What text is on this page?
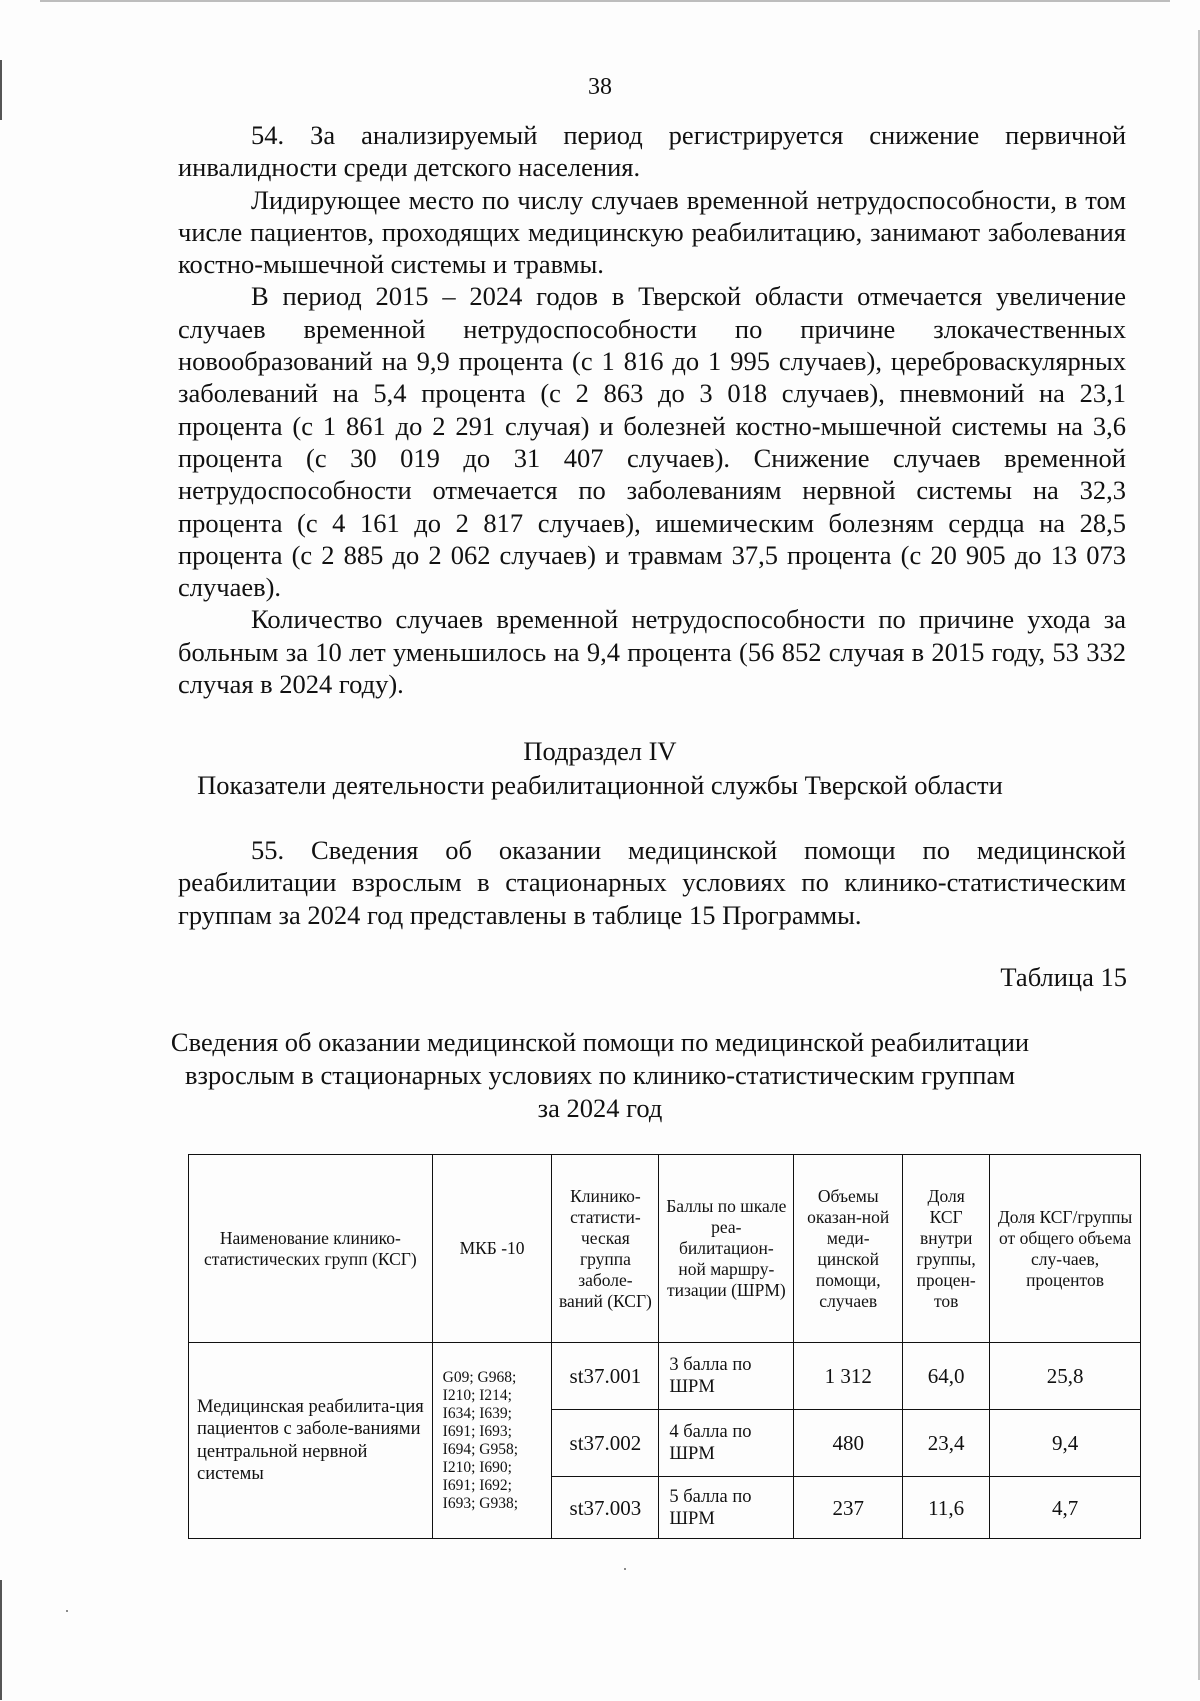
38

54. За анализируемый период регистрируется снижение первичной инвалидности среди детского населения.

Лидирующее место по числу случаев временной нетрудоспособности, в том числе пациентов, проходящих медицинскую реабилитацию, занимают заболевания костно-мышечной системы и травмы.

В период 2015 – 2024 годов в Тверской области отмечается увеличение случаев временной нетрудоспособности по причине злокачественных новообразований на 9,9 процента (с 1 816 до 1 995 случаев), цереброваскулярных заболеваний на 5,4 процента (с 2 863 до 3 018 случаев), пневмоний на 23,1 процента (с 1 861 до 2 291 случая) и болезней костно-мышечной системы на 3,6 процента (с 30 019 до 31 407 случаев). Снижение случаев временной нетрудоспособности отмечается по заболеваниям нервной системы на 32,3 процента (с 4 161 до 2 817 случаев), ишемическим болезням сердца на 28,5 процента (с 2 885 до 2 062 случаев) и травмам 37,5 процента (с 20 905 до 13 073 случаев).

Количество случаев временной нетрудоспособности по причине ухода за больным за 10 лет уменьшилось на 9,4 процента (56 852 случая в 2015 году, 53 332 случая в 2024 году).

Подраздел IV
Показатели деятельности реабилитационной службы Тверской области

55. Сведения об оказании медицинской помощи по медицинской реабилитации взрослым в стационарных условиях по клинико-статистическим группам за 2024 год представлены в таблице 15 Программы.

Таблица 15
Сведения об оказании медицинской помощи по медицинской реабилитации
взрослым в стационарных условиях по клинико-статистическим группам
за 2024 год
Наименование клинико-статистических групп (КСГ)	МКБ -10	Клинико-статисти-ческая группа заболе-ваний (КСГ)	Баллы по шкале реа-билитацион-ной маршру-тизации (ШРМ)	Объемы оказан-ной меди-цинской помощи, случаев	Доля КСГ внутри группы, процен-тов	Доля КСГ/группы от общего объема слу-чаев, процентов
Медицинская реабилита-ция пациентов с заболе-ваниями центральной нервной системы	G09; G968; I210; I214; I634; I639; I691; I693; I694; G958; I210; I690; I691; I692; I693; G938;	st37.001	3 балла по ШРМ	1 312	64,0	25,8
		st37.002	4 балла по ШРМ	480	23,4	9,4
		st37.003	5 балла по ШРМ	237	11,6	4,7
